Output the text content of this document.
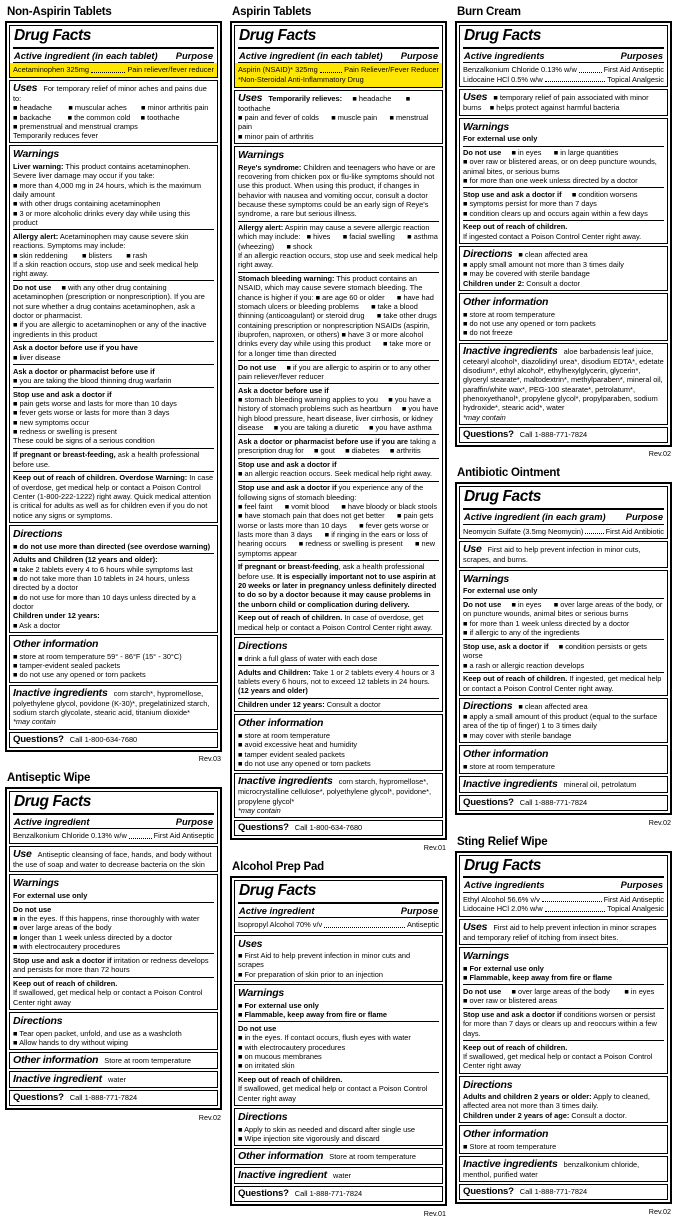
Non-Aspirin Tablets
Drug Facts
Active ingredient (in each tablet) Purpose
Acetaminophen 325mg	Pain reliever/fever reducer
Uses For temporary relief of minor aches and pains due to:
■ headache        ■ muscular aches       ■ minor arthritis pain
■ backache        ■ the common cold     ■ toothache
■ premenstrual and menstrual cramps
Temporarily reduces fever
Warnings
Liver warning: This product contains acetaminophen. Severe liver damage may occur if you take:
■ more than 4,000 mg in 24 hours, which is the maximum daily amount
■ with other drugs containing acetaminophen
■ 3 or more alcoholic drinks every day while using this product
Allergy alert: Acetaminophen may cause severe skin reactions. Symptoms may include:
■ skin reddening       ■ blisters       ■ rash
If a skin reaction occurs, stop use and seek medical help right away.
Do not use     ■ with any other drug containing acetaminophen (prescription or nonprescription). If you are not sure whether a drug contains acetaminophen, ask a doctor or pharmacist.
■ if you are allergic to acetaminophen or any of the inactive ingredients in this product
Ask a doctor before use if you have
■ liver disease
Ask a doctor or pharmacist before use if
■ you are taking the blood thinning drug warfarin
Stop use and ask a doctor if
■ pain gets worse and lasts for more than 10 days
■ fever gets worse or lasts for more than 3 days
■ new symptoms occur
■ redness or swelling is present
These could be signs of a serious condition
If pregnant or breast-feeding, ask a health professional before use.
Keep out of reach of children. Overdose Warning: In case of overdose, get medical help or contact a Poison Control Center (1-800-222-1222) right away. Quick medical attention is critical for adults as well as for children even if you do not notice any signs or symptoms.
Directions
■ do not use more than directed (see overdose warning)
Adults and Children (12 years and older):
■ take 2 tablets every 4 to 6 hours while symptoms last
■ do not take more than 10 tablets in 24 hours, unless directed by a doctor
■ do not use for more than 10 days unless directed by a doctor
Children under 12 years:
■ Ask a doctor
Other information
■ store at room temperature 59° - 86°F (15° - 30°C)
■ tamper-evident sealed packets
■ do not use any opened or torn packets
Inactive ingredients corn starch*, hypromellose, polyethylene glycol, povidone (K-30)*, pregelatinized starch, sodium starch glycolate, stearic acid, titanium dioxide*
*may contain
Questions? Call 1-800-634-7680
Rev.03
Antiseptic Wipe
Drug Facts
Active ingredient	Purpose
Benzalkonium Chloride 0.13% w/w	First Aid Antiseptic
Use Antiseptic cleansing of face, hands, and body without the use of soap and water to decrease bacteria on the skin
Warnings
For external use only
Do not use
■ in the eyes. If this happens, rinse thoroughly with water
■ over large areas of the body
■ longer than 1 week unless directed by a doctor
■ with electrocautery procedures
Stop use and ask a doctor if irritation or redness develops and persists for more than 72 hours
Keep out of reach of children.
If swallowed, get medical help or contact a Poison Control Center right away
Directions
■ Tear open packet, unfold, and use as a washcloth
■ Allow hands to dry without wiping
Other information Store at room temperature
Inactive ingredient water
Questions? Call 1-888-771-7824
Rev.02
Aspirin Tablets
Drug Facts
Active ingredient (in each tablet) Purpose
Aspirin (NSAID)* 325mg	Pain Reliever/Fever Reducer
*Non-Steroidal Anti-Inflammatory Drug
Uses Temporarily relieves:     ■ headache       ■ toothache
■ pain and fever of colds      ■ muscle pain      ■ menstrual pain
■ minor pain of arthritis
Warnings
Reye's syndrome: Children and teenagers who have or are recovering from chicken pox or flu-like symptoms should not use this product. When using this product, if changes in behavior with nausea and vomiting occur, consult a doctor because these symptoms could be an early sign of Reye's syndrome, a rare but serious illness.
Allergy alert: Aspirin may cause a severe allergic reaction which may include:   ■ hives      ■ facial swelling      ■ asthma (wheezing)      ■ shock
If an allergic reaction occurs, stop use and seek medical help right away.
Stomach bleeding warning: This product contains an NSAID, which may cause severe stomach bleeding. The chance is higher if you: ■ are age 60 or older      ■ have had stomach ulcers or bleeding problems      ■ take a blood thinning (anticoagulant) or steroid drug      ■ take other drugs containing prescription or nonprescription NSAIDs (aspirin, ibuprofen, naproxen, or others) ■ have 3 or more alcohol drinks every day while using this product      ■ take more or for a longer time than directed
Do not use     ■ if you are allergic to aspirin or to any other pain reliever/fever reducer
Ask a doctor before use if
■ stomach bleeding warning applies to you     ■ you have a history of stomach problems such as heartburn     ■ you have high blood pressure, heart disease, liver cirrhosis, or kidney disease     ■ you are taking a diuretic     ■ you have asthma
Ask a doctor or pharmacist before use if you are taking a prescription drug for     ■ gout     ■ diabetes     ■ arthritis
Stop use and ask a doctor if
■ an allergic reaction occurs. Seek medical help right away.
Stop use and ask a doctor if you experience any of the following signs of stomach bleeding:
■ feel faint      ■ vomit blood      ■ have bloody or black stools
■ have stomach pain that does not get better      ■ pain gets worse or lasts more than 10 days      ■ fever gets worse or lasts more than 3 days      ■ if ringing in the ears or loss of hearing occurs      ■ redness or swelling is present      ■ new symptoms appear
If pregnant or breast-feeding, ask a health professional before use. It is especially important not to use aspirin at 20 weeks or later in pregnancy unless definitely directed to do so by a doctor because it may cause problems in the unborn child or complication during delivery.
Keep out of reach of children. In case of overdose, get medical help or contact a Poison Control Center right away.
Directions
■ drink a full glass of water with each dose
Adults and Children: Take 1 or 2 tablets every 4 hours or 3 tablets every 6 hours, not to exceed 12 tablets in 24 hours.
(12 years and older)
Children under 12 years: Consult a doctor
Other information
■ store at room temperature
■ avoid excessive heat and humidity
■ tamper evident sealed packets
■ do not use any opened or torn packets
Inactive ingredients corn starch, hypromellose*, microcrystalline cellulose*, polyethylene glycol*, povidone*, propylene glycol*
*may contain
Questions? Call 1-800-634-7680
Rev.01
Alcohol Prep Pad
Drug Facts
Active ingredient	Purpose
Isopropyl Alcohol 70% v/v	Antiseptic
Uses
■ First Aid to help prevent infection in minor cuts and  scrapes
■ For preparation of skin prior to an injection
Warnings
■ For external use only
■ Flammable, keep away from fire or flame
Do not use
■ in the eyes. If contact occurs, flush eyes with water
■ with electrocautery procedures
■ on mucous membranes
■ on irritated skin
Keep out of reach of children.
If swallowed, get medical help or contact a Poison Control Center right away
Directions
■ Apply to skin as needed and discard after single use
■ Wipe injection site vigorously and discard
Other information Store at room temperature
Inactive ingredient water
Questions? Call 1-888-771-7824
Rev.01
Burn Cream
Drug Facts
Active ingredients	Purposes
Benzalkonium Chloride 0.13% w/w	First Aid Antiseptic
Lidocaine HCl 0.5% w/w	Topical Analgesic
Uses ■ temporary relief of pain associated with minor burns    ■ helps protect against harmful bacteria
Warnings
For external use only
Do not use     ■ in eyes      ■ in large quantities
■ over raw or blistered areas, or on deep puncture wounds, animal bites, or serious burns
■ for more than one week unless directed by a doctor
Stop use and ask a doctor if     ■ condition worsens
■ symptoms persist for more than 7 days
■ condition clears up and occurs again within a few days
Keep out of reach of children.
If ingested contact a Poison Control Center right away.
Directions ■ clean affected area
■ apply small amount not more than 3 times daily
■ may be covered with sterile bandage
Children under 2: Consult a doctor
Other information
■ store at room temperature
■ do not use any opened or torn packets
■ do not freeze
Inactive ingredients aloe barbadensis leaf juice, cetearyl alcohol*, diazolidinyl urea*, disodium EDTA*, edetate disodium*, ethyl alcohol*, ethylhexylglycerin, glycerin*, glyceryl stearate*, maltodextrin*, methylparaben*, mineral oil, paraffin/white wax*, PEG-100 stearate*, petrolatum*, phenoxyethanol*, propylene glycol*, propylparaben, sodium hydroxide*, stearic acid*, water
*may contain
Questions? Call 1-888-771-7824
Rev.02
Antibiotic Ointment
Drug Facts
Active ingredient (in each gram) Purpose
Neomycin Sulfate (3.5mg Neomycin)	First Aid Antibiotic
Use First aid to help prevent infection in minor cuts, scrapes, and burns.
Warnings
For external use only
Do not use     ■ in eyes      ■ over large areas of the body, or on puncture wounds, animal bites or serious burns
■ for more than 1 week unless directed by a doctor
■ if allergic to any of the ingredients
Stop use, ask a doctor if     ■ condition persists or gets worse
■ a rash or allergic reaction develops
Keep out of reach of children. If ingested, get medical help or contact a Poison Control Center right away.
Directions ■ clean affected area
■ apply a small amount of this product (equal to the surface area of the tip of finger) 1 to 3 times daily
■ may cover with sterile bandage
Other information
■ store at room temperature
Inactive ingredients mineral oil, petrolatum
Questions? Call 1-888-771-7824
Rev.02
Sting Relief Wipe
Drug Facts
Active ingredients	Purposes
Ethyl Alcohol 56.6% v/v	First Aid Antiseptic
Lidocaine HCl 2.0% w/w	Topical Analgesic
Uses First aid to help prevent infection in minor scrapes and temporary relief of itching from insect bites.
Warnings
■ For external use only
■ Flammable, keep away from fire or flame
Do not use     ■ over large areas of the body       ■ in eyes
■ over raw or blistered areas
Stop use and ask a doctor if conditions worsen or persist for more than 7 days or clears up and reoccurs within a few days.
Keep out of reach of children.
If swallowed, get medical help or contact a Poison Control Center right away
Directions
Adults and children 2 years or older: Apply to cleaned, affected area not more than 3 times daily.
Children under 2 years of age: Consult a doctor.
Other information
■ Store at room temperature
Inactive ingredients benzalkonium chloride, menthol, purified water
Questions? Call 1-888-771-7824
Rev.02
